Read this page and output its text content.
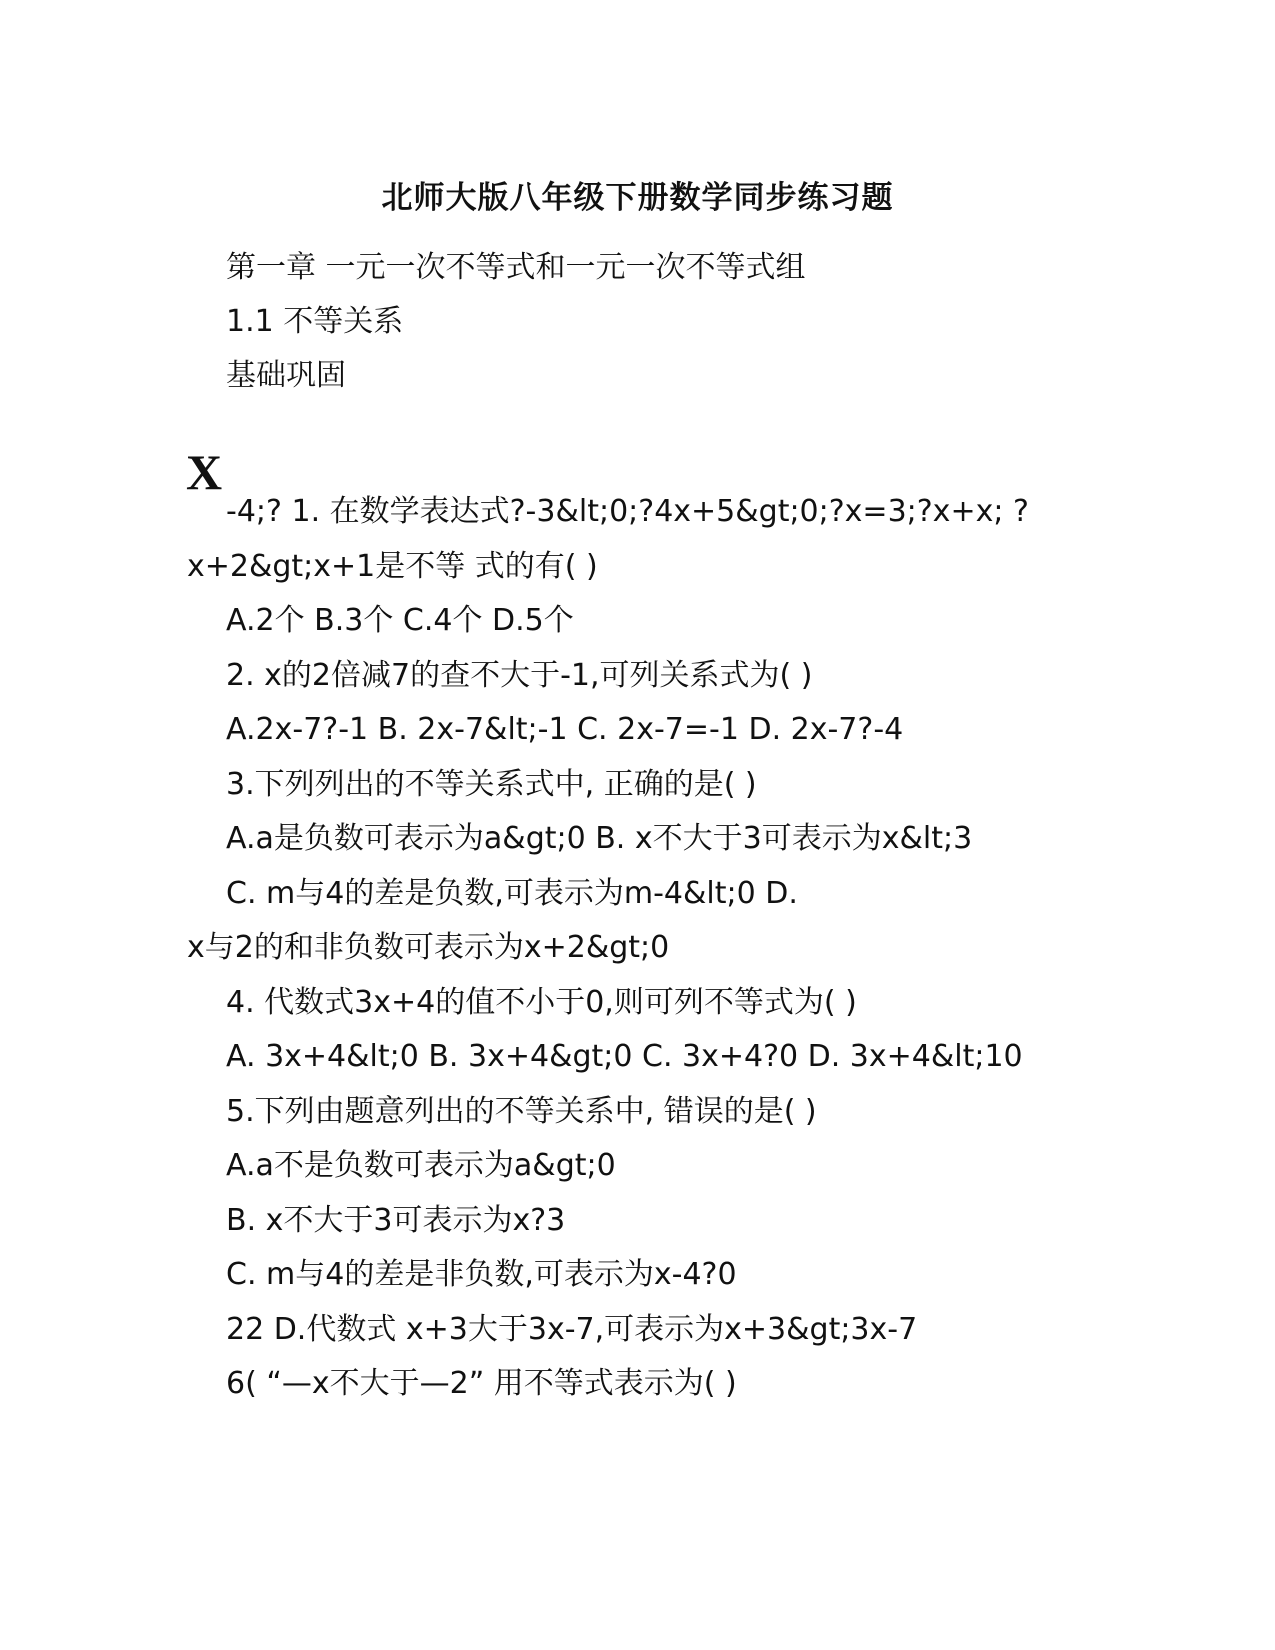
北师大版八年级下册数学同步练习题
第一章 一元一次不等式和一元一次不等式组
1.1 不等关系
基础巩固
X
-4;? 1. 在数学表达式?-3&lt;0;?4x+5&gt;0;?x=3;?x+x; ?
x+2&gt;x+1是不等 式的有( )
A.2个 B.3个 C.4个 D.5个
2. x的2倍减7的查不大于-1,可列关系式为( )
A.2x-7?-1 B. 2x-7&lt;-1 C. 2x-7=-1 D. 2x-7?-4
3.下列列出的不等关系式中, 正确的是( )
A.a是负数可表示为a&gt;0 B. x不大于3可表示为x&lt;3
C. m与4的差是负数,可表示为m-4&lt;0 D.
x与2的和非负数可表示为x+2&gt;0
4. 代数式3x+4的值不小于0,则可列不等式为( )
A. 3x+4&lt;0 B. 3x+4&gt;0 C. 3x+4?0 D. 3x+4&lt;10
5.下列由题意列出的不等关系中, 错误的是( )
A.a不是负数可表示为a&gt;0
B. x不大于3可表示为x?3
C. m与4的差是非负数,可表示为x-4?0
22 D.代数式 x+3大于3x-7,可表示为x+3&gt;3x-7
6( “—x不大于—2” 用不等式表示为( )
